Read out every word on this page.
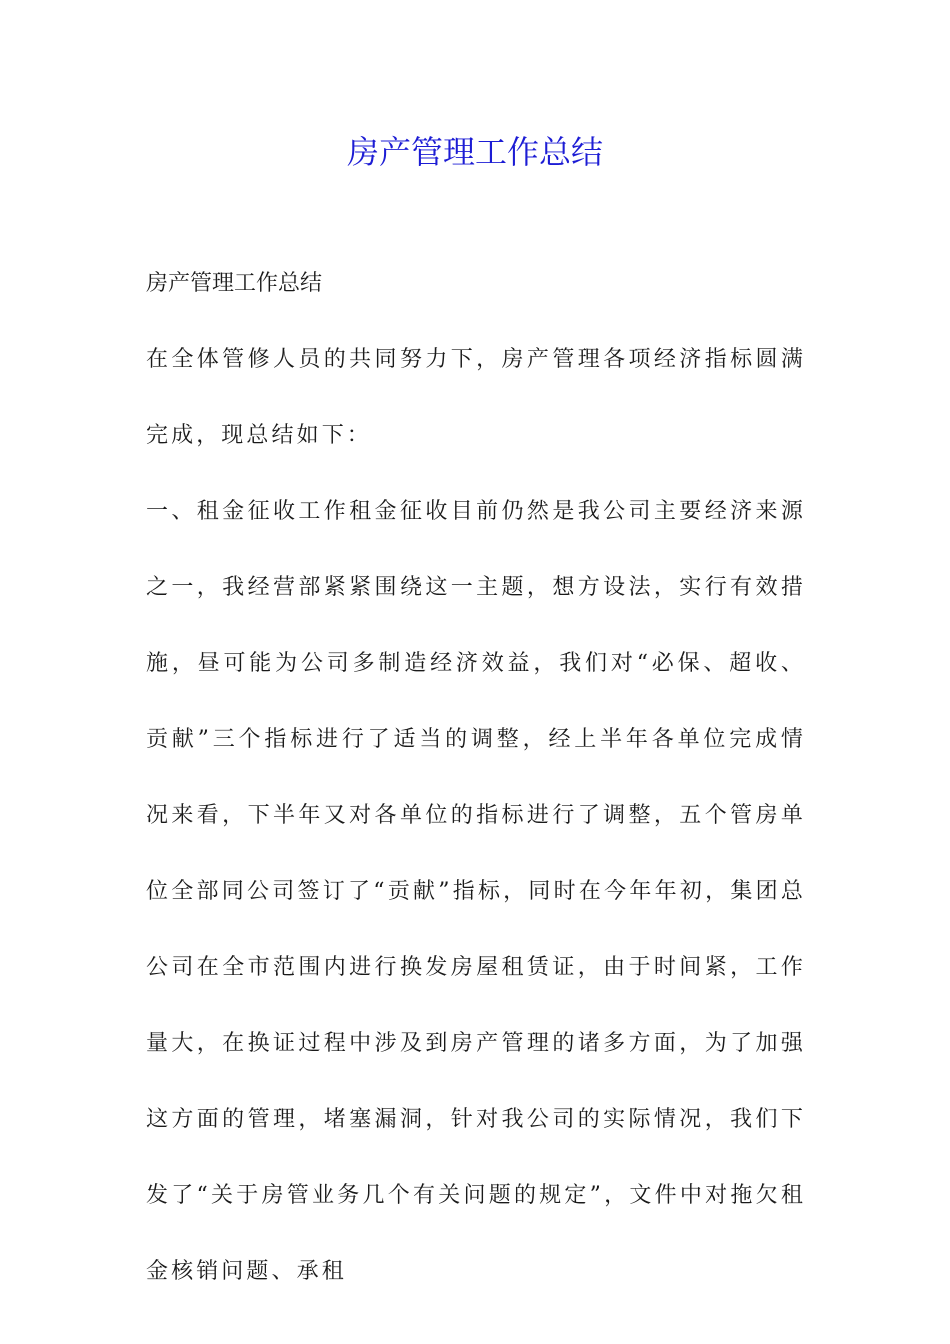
房产管理工作总结
房产管理工作总结

在全体管修人员的共同努力下，房产管理各项经济指标圆满完成，现总结如下：

一、租金征收工作租金征收目前仍然是我公司主要经济来源之一，我经营部紧紧围绕这一主题，想方设法，实行有效措施，昼可能为公司多制造经济效益，我们对“必保、超收、贡献”三个指标进行了适当的调整，经上半年各单位完成情况来看，下半年又对各单位的指标进行了调整，五个管房单位全部同公司签订了“贡献”指标，同时在今年年初，集团总公司在全市范围内进行换发房屋租赁证，由于时间紧，工作量大，在换证过程中涉及到房产管理的诸多方面，为了加强这方面的管理，堵塞漏洞，针对我公司的实际情况，我们下发了“关于房管业务几个有关问题的规定”，文件中对拖欠租金核销问题、承租
